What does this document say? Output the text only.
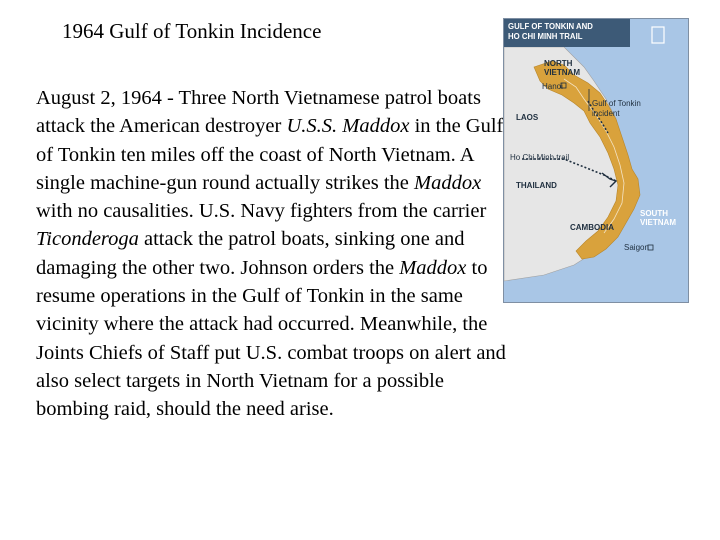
1964 Gulf of Tonkin Incidence

August 2, 1964 - Three North Vietnamese patrol boats attack the American destroyer U.S.S. Maddox in the Gulf of Tonkin ten miles off the coast of North Vietnam. A single machine-gun round actually strikes the Maddox with no causalities. U.S. Navy fighters from the carrier Ticonderoga attack the patrol boats, sinking one and damaging the other two. Johnson orders the Maddox to resume operations in the Gulf of Tonkin in the same vicinity where the attack had occurred. Meanwhile, the Joints Chiefs of Staff put U.S. combat troops on alert and also select targets in North Vietnam for a possible bombing raid, should the need arise.

GULF OF TONKIN AND
HO CHI MINH TRAIL
NORTH
VIETNAM
Hanoi
Gulf of Tonkin
incident
LAOS
Ho Chi Minh trail
THAILAND
CAMBODIA
SOUTH
VIETNAM
Saigon
